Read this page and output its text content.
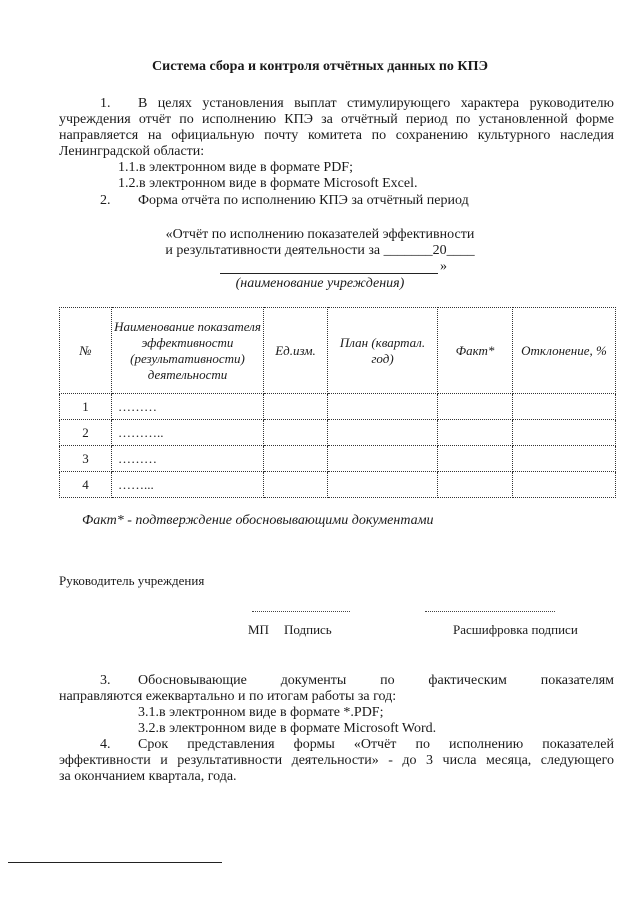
Система сбора и контроля отчётных данных по КПЭ
1. В целях установления выплат стимулирующего характера руководителю
учреждения отчёт по исполнению КПЭ за отчётный период по установленной форме
направляется на официальную почту комитета по сохранению культурного наследия
Ленинградской области:
1.1.в электронном виде в формате PDF;
1.2.в электронном виде в формате Microsoft Excel.
2. Форма отчёта по исполнению КПЭ за отчётный период
«Отчёт по исполнению показателей эффективности
и результативности деятельности за _______20____
»
(наименование учреждения)
№	Наименование показателя эффективности (результативности) деятельности	Ед.изм.	План (квартал. год)	Факт*	Отклонение, %
1	………				
2	………..				
3	………				
4	……...				
Факт* - подтверждение обосновывающими документами
Руководитель учреждения
МП Подпись	Расшифровка подписи
3. Обосновывающие документы по фактическим показателям
направляются ежеквартально и по итогам работы за год:
3.1.в электронном виде в формате *.PDF;
3.2.в электронном виде в формате Microsoft Word.
4. Срок представления формы «Отчёт по исполнению показателей
эффективности и результативности деятельности» - до 3 числа месяца, следующего
за окончанием квартала, года.
